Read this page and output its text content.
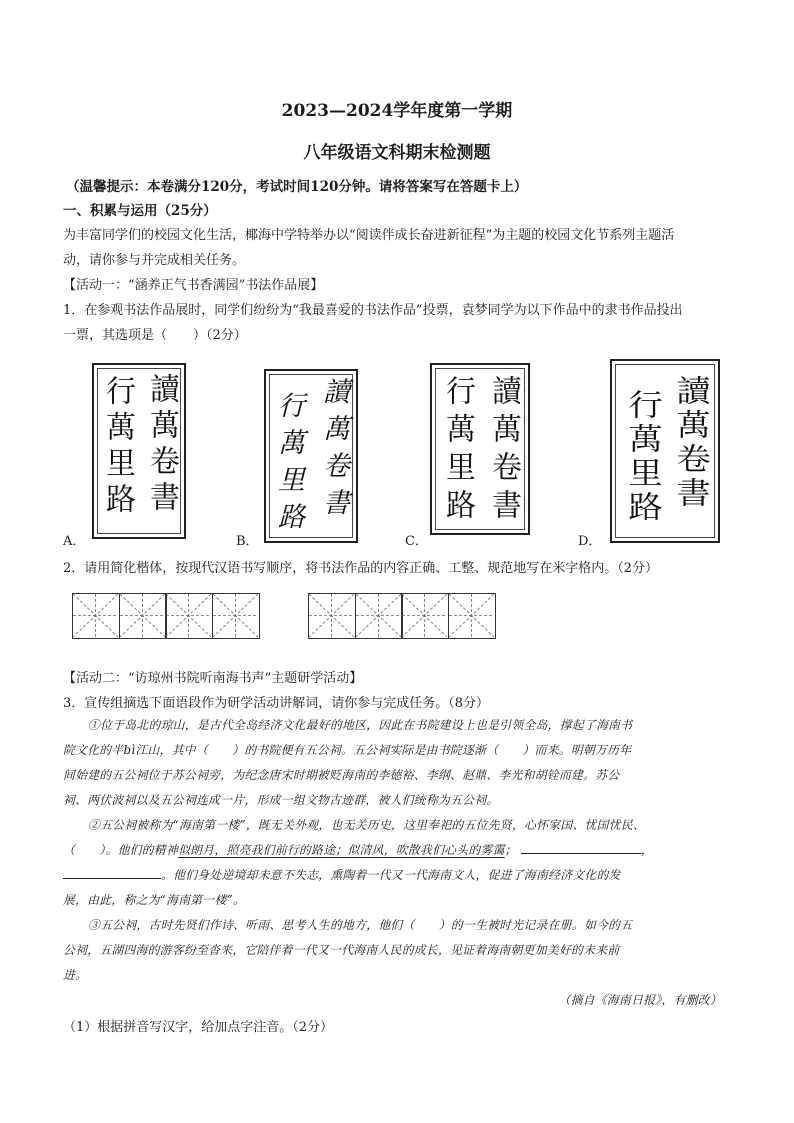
2023—2024学年度第一学期
八年级语文科期末检测题
（温馨提示：本卷满分120分，考试时间120分钟。请将答案写在答题卡上）
一、积累与运用（25分）
为丰富同学们的校园文化生活，椰海中学特举办以“阅读伴成长奋进新征程”为主题的校园文化节系列主题活
动，请你参与并完成相关任务。
【活动一：“涵养正气书香满园”书法作品展】
1．在参观书法作品展时，同学们纷纷为“我最喜爱的书法作品”投票，袁梦同学为以下作品中的隶书作品投出
一票，其选项是（　　）（2分）
讀萬卷書
行萬里路
A．
讀萬卷書
行萬里路
B．
讀萬卷書
行萬里路
C．
讀萬卷書
行萬里路
D．
2．请用简化楷体，按现代汉语书写顺序，将书法作品的内容正确、工整、规范地写在米字格内。（2分）
【活动二：“访琼州书院听南海书声”主题研学活动】
3．宣传组摘选下面语段作为研学活动讲解词，请你参与完成任务。（8分）
①位于岛北的琼山，是古代全岛经济文化最好的地区，因此在书院建设上也是引领全岛，撑起了海南书
院文化的半bì江山，其中（　　）的书院便有五公祠。五公祠实际是由书院逐渐（　　）而来。明朝万历年
间始建的五公祠位于苏公祠旁，为纪念唐宋时期被贬海南的李德裕、李纲、赵鼎、李光和胡铨而建。苏公
祠、两伏波祠以及五公祠连成一片，形成一组文物古迹群，被人们统称为五公祠。
②五公祠被称为“海南第一楼”，既无关外观，也无关历史，这里奉祀的五位先贤，心怀家国、忧国忧民、
（　　）。他们的精神似朗月，照亮我们前行的路途；似清风，吹散我们心头的雾霭；	，
。他们身处逆境却未意不失志，熏陶着一代又一代海南文人，促进了海南经济文化的发
展，由此，称之为“海南第一楼”。
③五公祠，古时先贤们作诗、听雨、思考人生的地方，他们（　　）的一生被时光记录在册。如今的五
公祠，五湖四海的游客纷至沓来，它陪伴着一代又一代海南人民的成长，见证着海南朝更加美好的未来前
进。
（摘自《海南日报》，有删改）
（1）根据拼音写汉字，给加点字注音。（2分）
